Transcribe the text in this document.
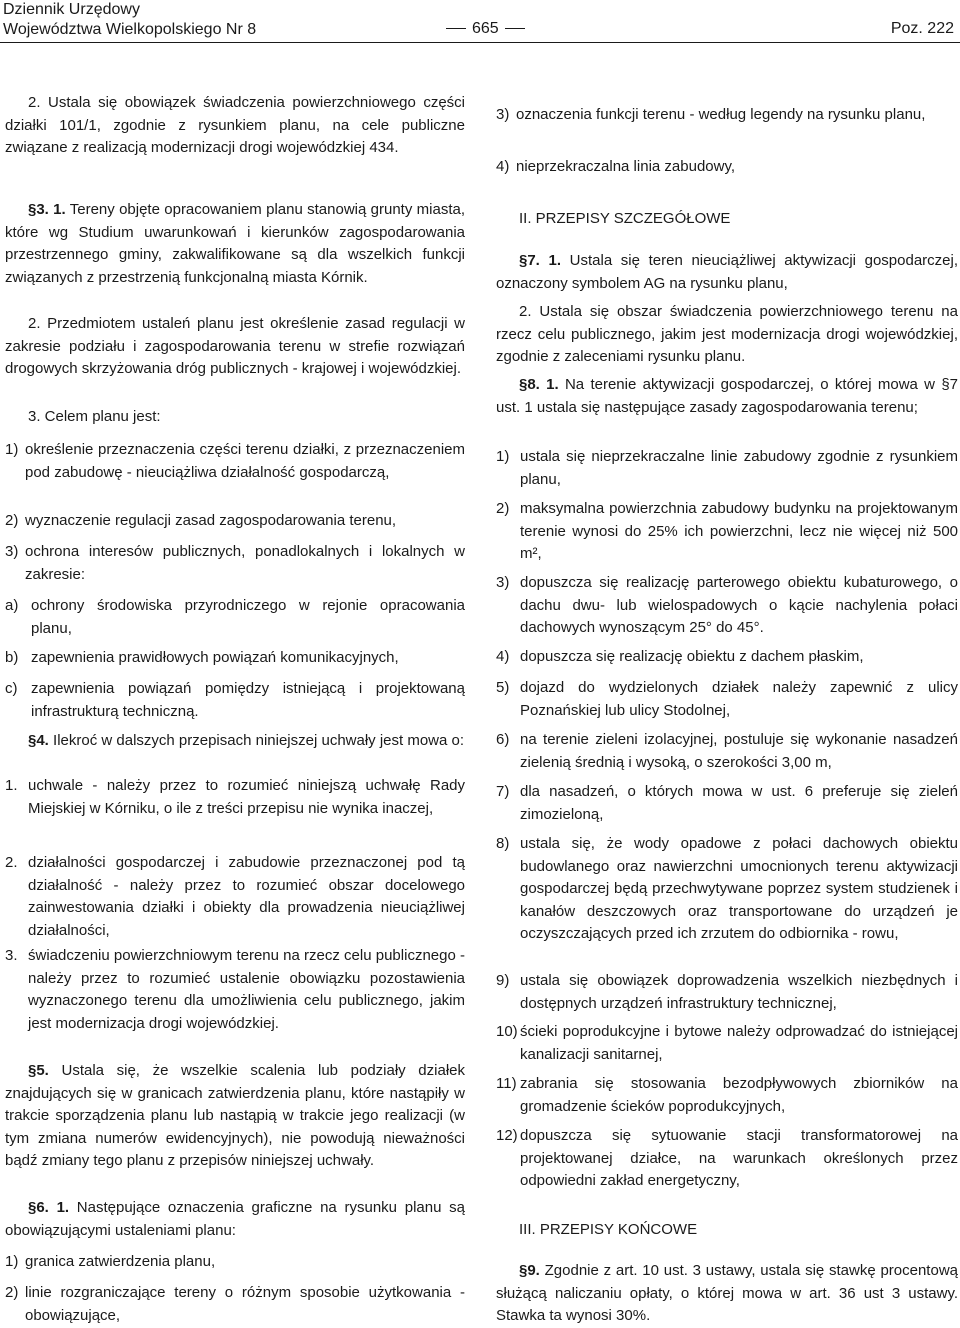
Dziennik Urzędowy
Województwa Wielkopolskiego Nr 8	665	Poz. 222
2. Ustala się obowiązek świadczenia powierzchniowego części działki 101/1, zgodnie z rysunkiem planu, na cele publiczne związane z realizacją modernizacji drogi wojewódzkiej 434.
§3. 1. Tereny objęte opracowaniem planu stanowią grunty miasta, które wg Studium uwarunkowań i kierunków zagospodarowania przestrzennego gminy, zakwalifikowane są dla wszelkich funkcji związanych z przestrzenią funkcjonalną miasta Kórnik.
2. Przedmiotem ustaleń planu jest określenie zasad regulacji w zakresie podziału i zagospodarowania terenu w strefie rozwiązań drogowych skrzyżowania dróg publicznych - krajowej i wojewódzkiej.
3. Celem planu jest:
1) określenie przeznaczenia części terenu działki, z przeznaczeniem pod zabudowę - nieuciążliwa działalność gospodarczą,
2) wyznaczenie regulacji zasad zagospodarowania terenu,
3) ochrona interesów publicznych, ponadlokalnych i lokalnych w zakresie:
a) ochrony środowiska przyrodniczego w rejonie opracowania planu,
b) zapewnienia prawidłowych powiązań komunikacyjnych,
c) zapewnienia powiązań pomiędzy istniejącą i projektowaną infrastrukturą techniczną.
§4. Ilekroć w dalszych przepisach niniejszej uchwały jest mowa o:
1. uchwale - należy przez to rozumieć niniejszą uchwałę Rady Miejskiej w Kórniku, o ile z treści przepisu nie wynika inaczej,
2. działalności gospodarczej i zabudowie przeznaczonej pod tą działalność - należy przez to rozumieć obszar docelowego zainwestowania działki i obiekty dla prowadzenia nieuciążliwej działalności,
3. świadczeniu powierzchniowym terenu na rzecz celu publicznego - należy przez to rozumieć ustalenie obowiązku pozostawienia wyznaczonego terenu dla umożliwienia celu publicznego, jakim jest modernizacja drogi wojewódzkiej.
§5. Ustala się, że wszelkie scalenia lub podziały działek znajdujących się w granicach zatwierdzenia planu, które nastąpiły w trakcie sporządzenia planu lub nastąpią w trakcie jego realizacji (w tym zmiana numerów ewidencyjnych), nie powodują nieważności bądź zmiany tego planu z przepisów niniejszej uchwały.
§6. 1. Następujące oznaczenia graficzne na rysunku planu są obowiązującymi ustaleniami planu:
1) granica zatwierdzenia planu,
2) linie rozgraniczające tereny o różnym sposobie użytkowania - obowiązujące,
3) oznaczenia funkcji terenu - według legendy na rysunku planu,
4) nieprzekraczalna linia zabudowy,
II. PRZEPISY SZCZEGÓŁOWE
§7. 1. Ustala się teren nieuciążliwej aktywizacji gospodarczej, oznaczony symbolem AG na rysunku planu,
2. Ustala się obszar świadczenia powierzchniowego terenu na rzecz celu publicznego, jakim jest modernizacja drogi wojewódzkiej, zgodnie z zaleceniami rysunku planu.
§8. 1. Na terenie aktywizacji gospodarczej, o której mowa w §7 ust. 1 ustala się następujące zasady zagospodarowania terenu;
1) ustala się nieprzekraczalne linie zabudowy zgodnie z rysunkiem planu,
2) maksymalna powierzchnia zabudowy budynku na projektowanym terenie wynosi do 25% ich powierzchni, lecz nie więcej niż 500 m²,
3) dopuszcza się realizację parterowego obiektu kubaturowego, o dachu dwu- lub wielospadowych o kącie nachylenia połaci dachowych wynoszącym 25° do 45°.
4) dopuszcza się realizację obiektu z dachem płaskim,
5) dojazd do wydzielonych działek należy zapewnić z ulicy Poznańskiej lub ulicy Stodolnej,
6) na terenie zieleni izolacyjnej, postuluje się wykonanie nasadzeń zielenią średnią i wysoką, o szerokości 3,00 m,
7) dla nasadzeń, o których mowa w ust. 6 preferuje się zieleń zimozieloną,
8) ustala się, że wody opadowe z połaci dachowych obiektu budowlanego oraz nawierzchni umocnionych terenu aktywizacji gospodarczej będą przechwytywane poprzez system studzienek i kanałów deszczowych oraz transportowane do urządzeń je oczyszczających przed ich zrzutem do odbiornika - rowu,
9) ustala się obowiązek doprowadzenia wszelkich niezbędnych i dostępnych urządzeń infrastruktury technicznej,
10) ścieki poprodukcyjne i bytowe należy odprowadzać do istniejącej kanalizacji sanitarnej,
11) zabrania się stosowania bezodpływowych zbiorników na gromadzenie ścieków poprodukcyjnych,
12) dopuszcza się sytuowanie stacji transformatorowej na projektowanej działce, na warunkach określonych przez odpowiedni zakład energetyczny,
III. PRZEPISY KOŃCOWE
§9. Zgodnie z art. 10 ust. 3 ustawy, ustala się stawkę procentową służącą naliczaniu opłaty, o której mowa w art. 36 ust 3 ustawy. Stawka ta wynosi 30%.
